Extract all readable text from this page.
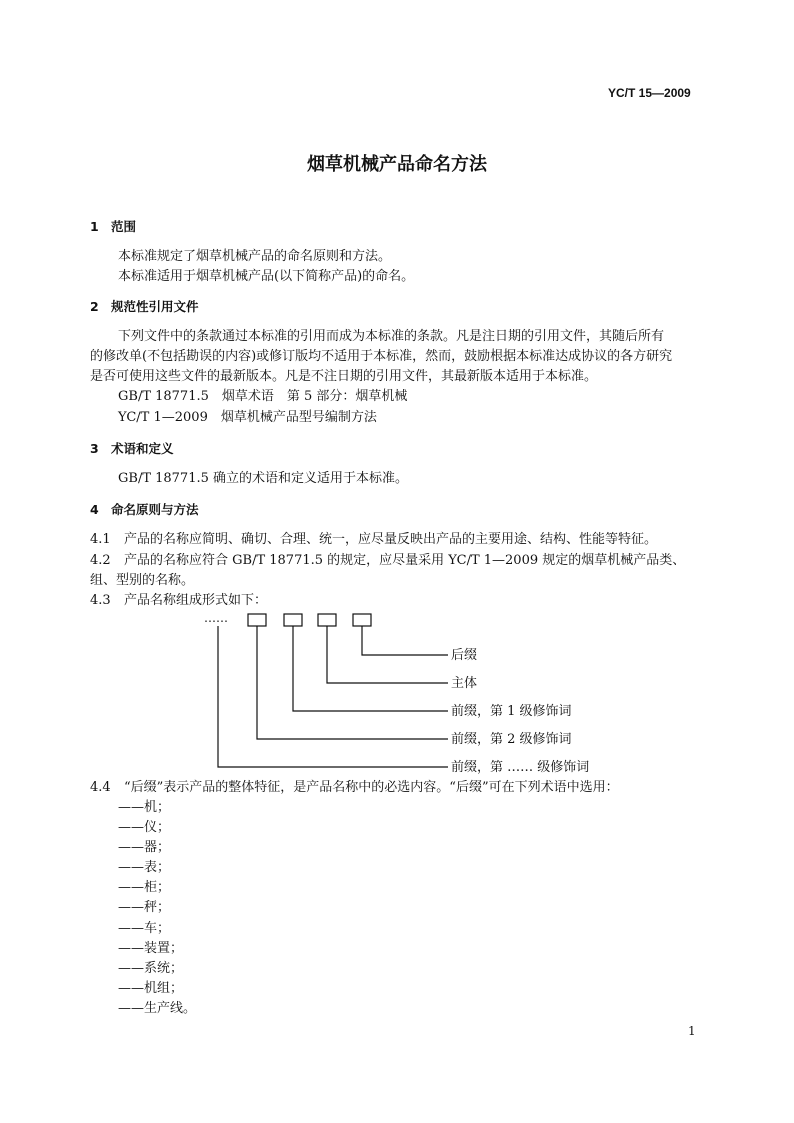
YC/T 15—2009
烟草机械产品命名方法
1 范围
本标准规定了烟草机械产品的命名原则和方法。
本标准适用于烟草机械产品(以下简称产品)的命名。
2 规范性引用文件
下列文件中的条款通过本标准的引用而成为本标准的条款。凡是注日期的引用文件，其随后所有
的修改单(不包括勘误的内容)或修订版均不适用于本标准，然而，鼓励根据本标准达成协议的各方研究
是否可使用这些文件的最新版本。凡是不注日期的引用文件，其最新版本适用于本标准。
GB/T 18771.5　烟草术语　第 5 部分：烟草机械
YC/T 1—2009　烟草机械产品型号编制方法
3 术语和定义
GB/T 18771.5 确立的术语和定义适用于本标准。
4 命名原则与方法
4.1 产品的名称应简明、确切、合理、统一，应尽量反映出产品的主要用途、结构、性能等特征。
4.2 产品的名称应符合 GB/T 18771.5 的规定，应尽量采用 YC/T 1—2009 规定的烟草机械产品类、
组、型别的名称。
4.3 产品名称组成形式如下：
……
后缀
主体
前缀，第 1 级修饰词
前缀，第 2 级修饰词
前缀，第 …… 级修饰词
4.4 “后缀”表示产品的整体特征，是产品名称中的必选内容。“后缀”可在下列术语中选用：
——机；
——仪；
——器；
——表；
——柜；
——秤；
——车；
——装置；
——系统；
——机组；
——生产线。
1
